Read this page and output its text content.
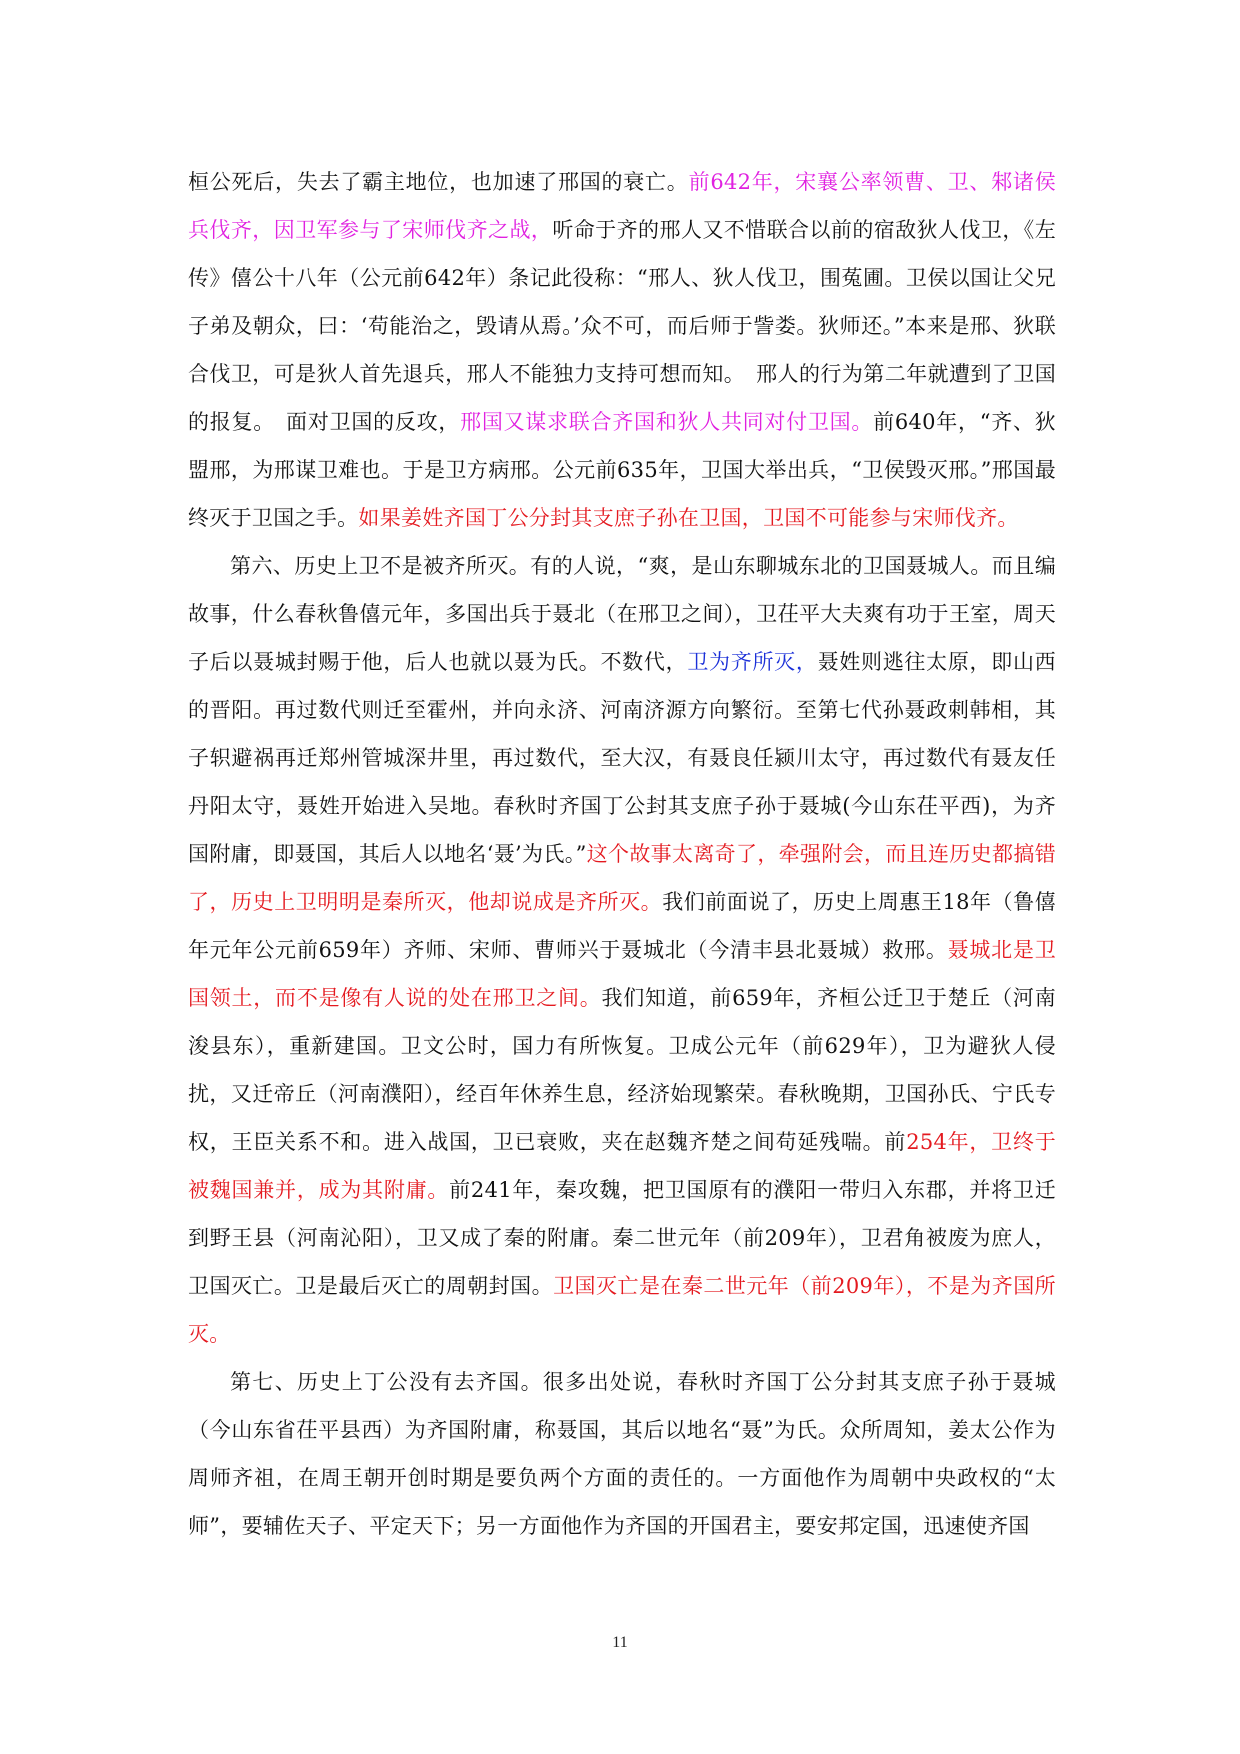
桓公死后，失去了霸主地位，也加速了邢国的衰亡。前642年，宋襄公率领曹、卫、邾诸侯兵伐齐，因卫军参与了宋师伐齐之战，听命于齐的邢人又不惜联合以前的宿敌狄人伐卫，《左传》僖公十八年（公元前642年）条记此役称：“邢人、狄人伐卫，围菟圃。卫侯以国让父兄子弟及朝众，曰：‘苟能治之，毁请从焉。’众不可，而后师于訾娄。狄师还。”本来是邢、狄联合伐卫，可是狄人首先退兵，邢人不能独力支持可想而知。　邢人的行为第二年就遭到了卫国的报复。　面对卫国的反攻，邢国又谋求联合齐国和狄人共同对付卫国。前640年，“齐、狄盟邢，为邢谋卫难也。于是卫方病邢。公元前635年，卫国大举出兵，“卫侯毁灭邢。”邢国最终灭于卫国之手。如果姜姓齐国丁公分封其支庶子孙在卫国，卫国不可能参与宋师伐齐。

第六、历史上卫不是被齐所灭。有的人说，“爽，是山东聊城东北的卫国聂城人。而且编故事，什么春秋鲁僖元年，多国出兵于聂北（在邢卫之间），卫茌平大夫爽有功于王室，周天子后以聂城封赐于他，后人也就以聂为氏。不数代，卫为齐所灭，聂姓则逃往太原，即山西的晋阳。再过数代则迁至霍州，并向永济、河南济源方向繁衍。至第七代孙聂政刺韩相，其子轵避祸再迁郑州管城深井里，再过数代，至大汉，有聂良任颍川太守，再过数代有聂友任丹阳太守，聂姓开始进入吴地。春秋时齐国丁公封其支庶子孙于聂城(今山东茌平西)，为齐国附庸，即聂国，其后人以地名‘聂’为氏。”这个故事太离奇了，牵强附会，而且连历史都搞错了，历史上卫明明是秦所灭，他却说成是齐所灭。我们前面说了，历史上周惠王18年（鲁僖年元年公元前659年）齐师、宋师、曹师兴于聂城北（今清丰县北聂城）救邢。聂城北是卫国领土，而不是像有人说的处在邢卫之间。我们知道，前659年，齐桓公迁卫于楚丘（河南浚县东），重新建国。卫文公时，国力有所恢复。卫成公元年（前629年），卫为避狄人侵扰，又迁帝丘（河南濮阳），经百年休养生息，经济始现繁荣。春秋晚期，卫国孙氏、宁氏专权，王臣关系不和。进入战国，卫已衰败，夹在赵魏齐楚之间苟延残喘。前254年，卫终于被魏国兼并，成为其附庸。前241年，秦攻魏，把卫国原有的濮阳一带归入东郡，并将卫迁到野王县（河南沁阳），卫又成了秦的附庸。秦二世元年（前209年），卫君角被废为庶人，卫国灭亡。卫是最后灭亡的周朝封国。卫国灭亡是在秦二世元年（前209年），不是为齐国所灭。

第七、历史上丁公没有去齐国。很多出处说，春秋时齐国丁公分封其支庶子孙于聂城（今山东省茌平县西）为齐国附庸，称聂国，其后以地名“聂”为氏。众所周知，姜太公作为周师齐祖，在周王朝开创时期是要负两个方面的责任的。一方面他作为周朝中央政权的“太师”，要辅佐天子、平定天下；另一方面他作为齐国的开国君主，要安邦定国，迅速使齐国

11
